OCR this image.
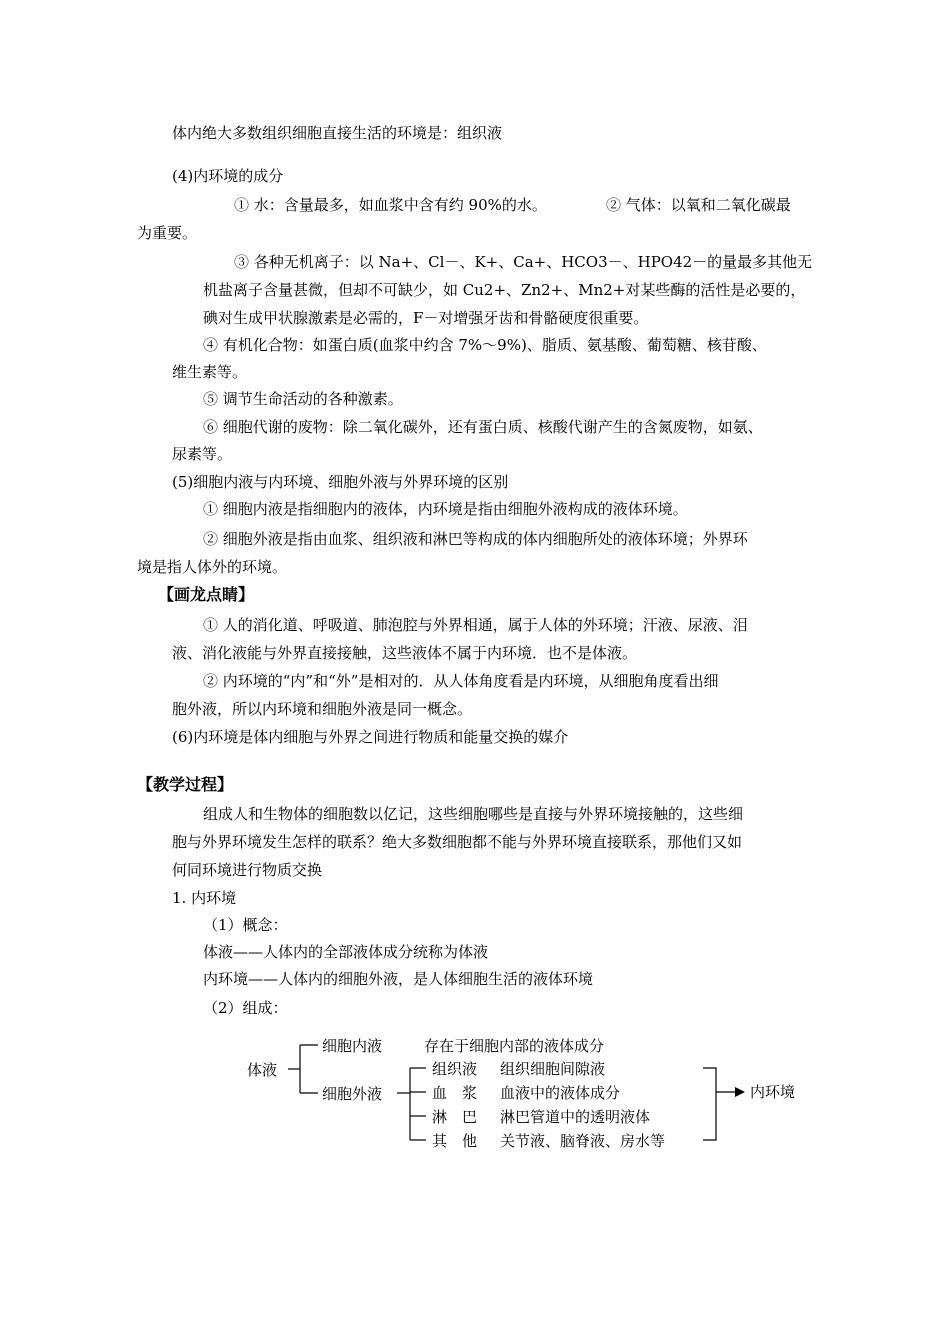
体内绝大多数组织细胞直接生活的环境是：组织液
(4)内环境的成分
① 水：含量最多，如血浆中含有约 90%的水。	② 气体：以氧和二氧化碳最
为重要。
③ 各种无机离子：以 Na+、Cl－、K+、Ca+、HCO3－、HPO42－的量最多其他无
机盐离子含量甚微，但却不可缺少，如 Cu2+、Zn2+、Mn2+对某些酶的活性是必要的，
碘对生成甲状腺激素是必需的，F－对增强牙齿和骨骼硬度很重要。
④ 有机化合物：如蛋白质(血浆中约含 7%～9%)、脂质、氨基酸、葡萄糖、核苷酸、
维生素等。
⑤ 调节生命活动的各种激素。
⑥ 细胞代谢的废物：除二氧化碳外，还有蛋白质、核酸代谢产生的含氮废物，如氨、
尿素等。
(5)细胞内液与内环境、细胞外液与外界环境的区别
① 细胞内液是指细胞内的液体，内环境是指由细胞外液构成的液体环境。
② 细胞外液是指由血浆、组织液和淋巴等构成的体内细胞所处的液体环境；外界环
境是指人体外的环境。
【画龙点睛】
① 人的消化道、呼吸道、肺泡腔与外界相通，属于人体的外环境；汗液、尿液、泪
液、消化液能与外界直接接触，这些液体不属于内环境．也不是体液。
② 内环境的“内”和“外”是相对的．从人体角度看是内环境，从细胞角度看出细
胞外液，所以内环境和细胞外液是同一概念。
(6)内环境是体内细胞与外界之间进行物质和能量交换的媒介
【教学过程】
组成人和生物体的细胞数以亿记，这些细胞哪些是直接与外界环境接触的，这些细
胞与外界环境发生怎样的联系？绝大多数细胞都不能与外界环境直接联系，那他们又如
何同环境进行物质交换
1. 内环境
（1）概念：
体液——人体内的全部液体成分统称为体液
内环境——人体内的细胞外液，是人体细胞生活的液体环境
（2）组成：
体液
细胞内液	存在于细胞内部的液体成分
细胞外液
组织液 组织细胞间隙液
血　浆 血液中的液体成分
淋　巴 淋巴管道中的透明液体
其　他 关节液、脑脊液、房水等
内环境
